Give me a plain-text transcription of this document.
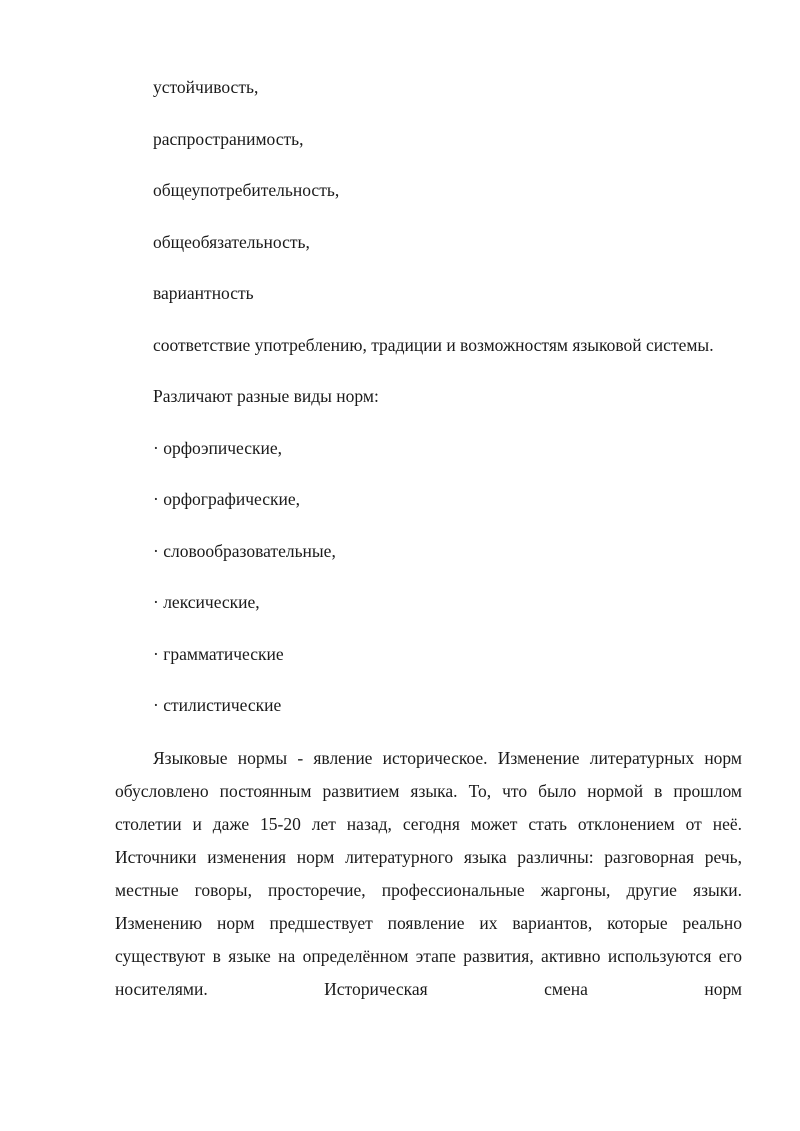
устойчивость,

распространимость,

общеупотребительность,

общеобязательность,

вариантность

соответствие употреблению, традиции и возможностям языковой системы.

Различают разные виды норм:

· орфоэпические,

· орфографические,

· словообразовательные,

· лексические,

· грамматические

· стилистические

Языковые нормы - явление историческое. Изменение литературных норм обусловлено постоянным развитием языка. То, что было нормой в прошлом столетии и даже 15-20 лет назад, сегодня может стать отклонением от неё. Источники изменения норм литературного языка различны: разговорная речь, местные говоры, просторечие, профессиональные жаргоны, другие языки. Изменению норм предшествует появление их вариантов, которые реально существуют в языке на определённом этапе развития, активно используются его носителями. Историческая смена норм
